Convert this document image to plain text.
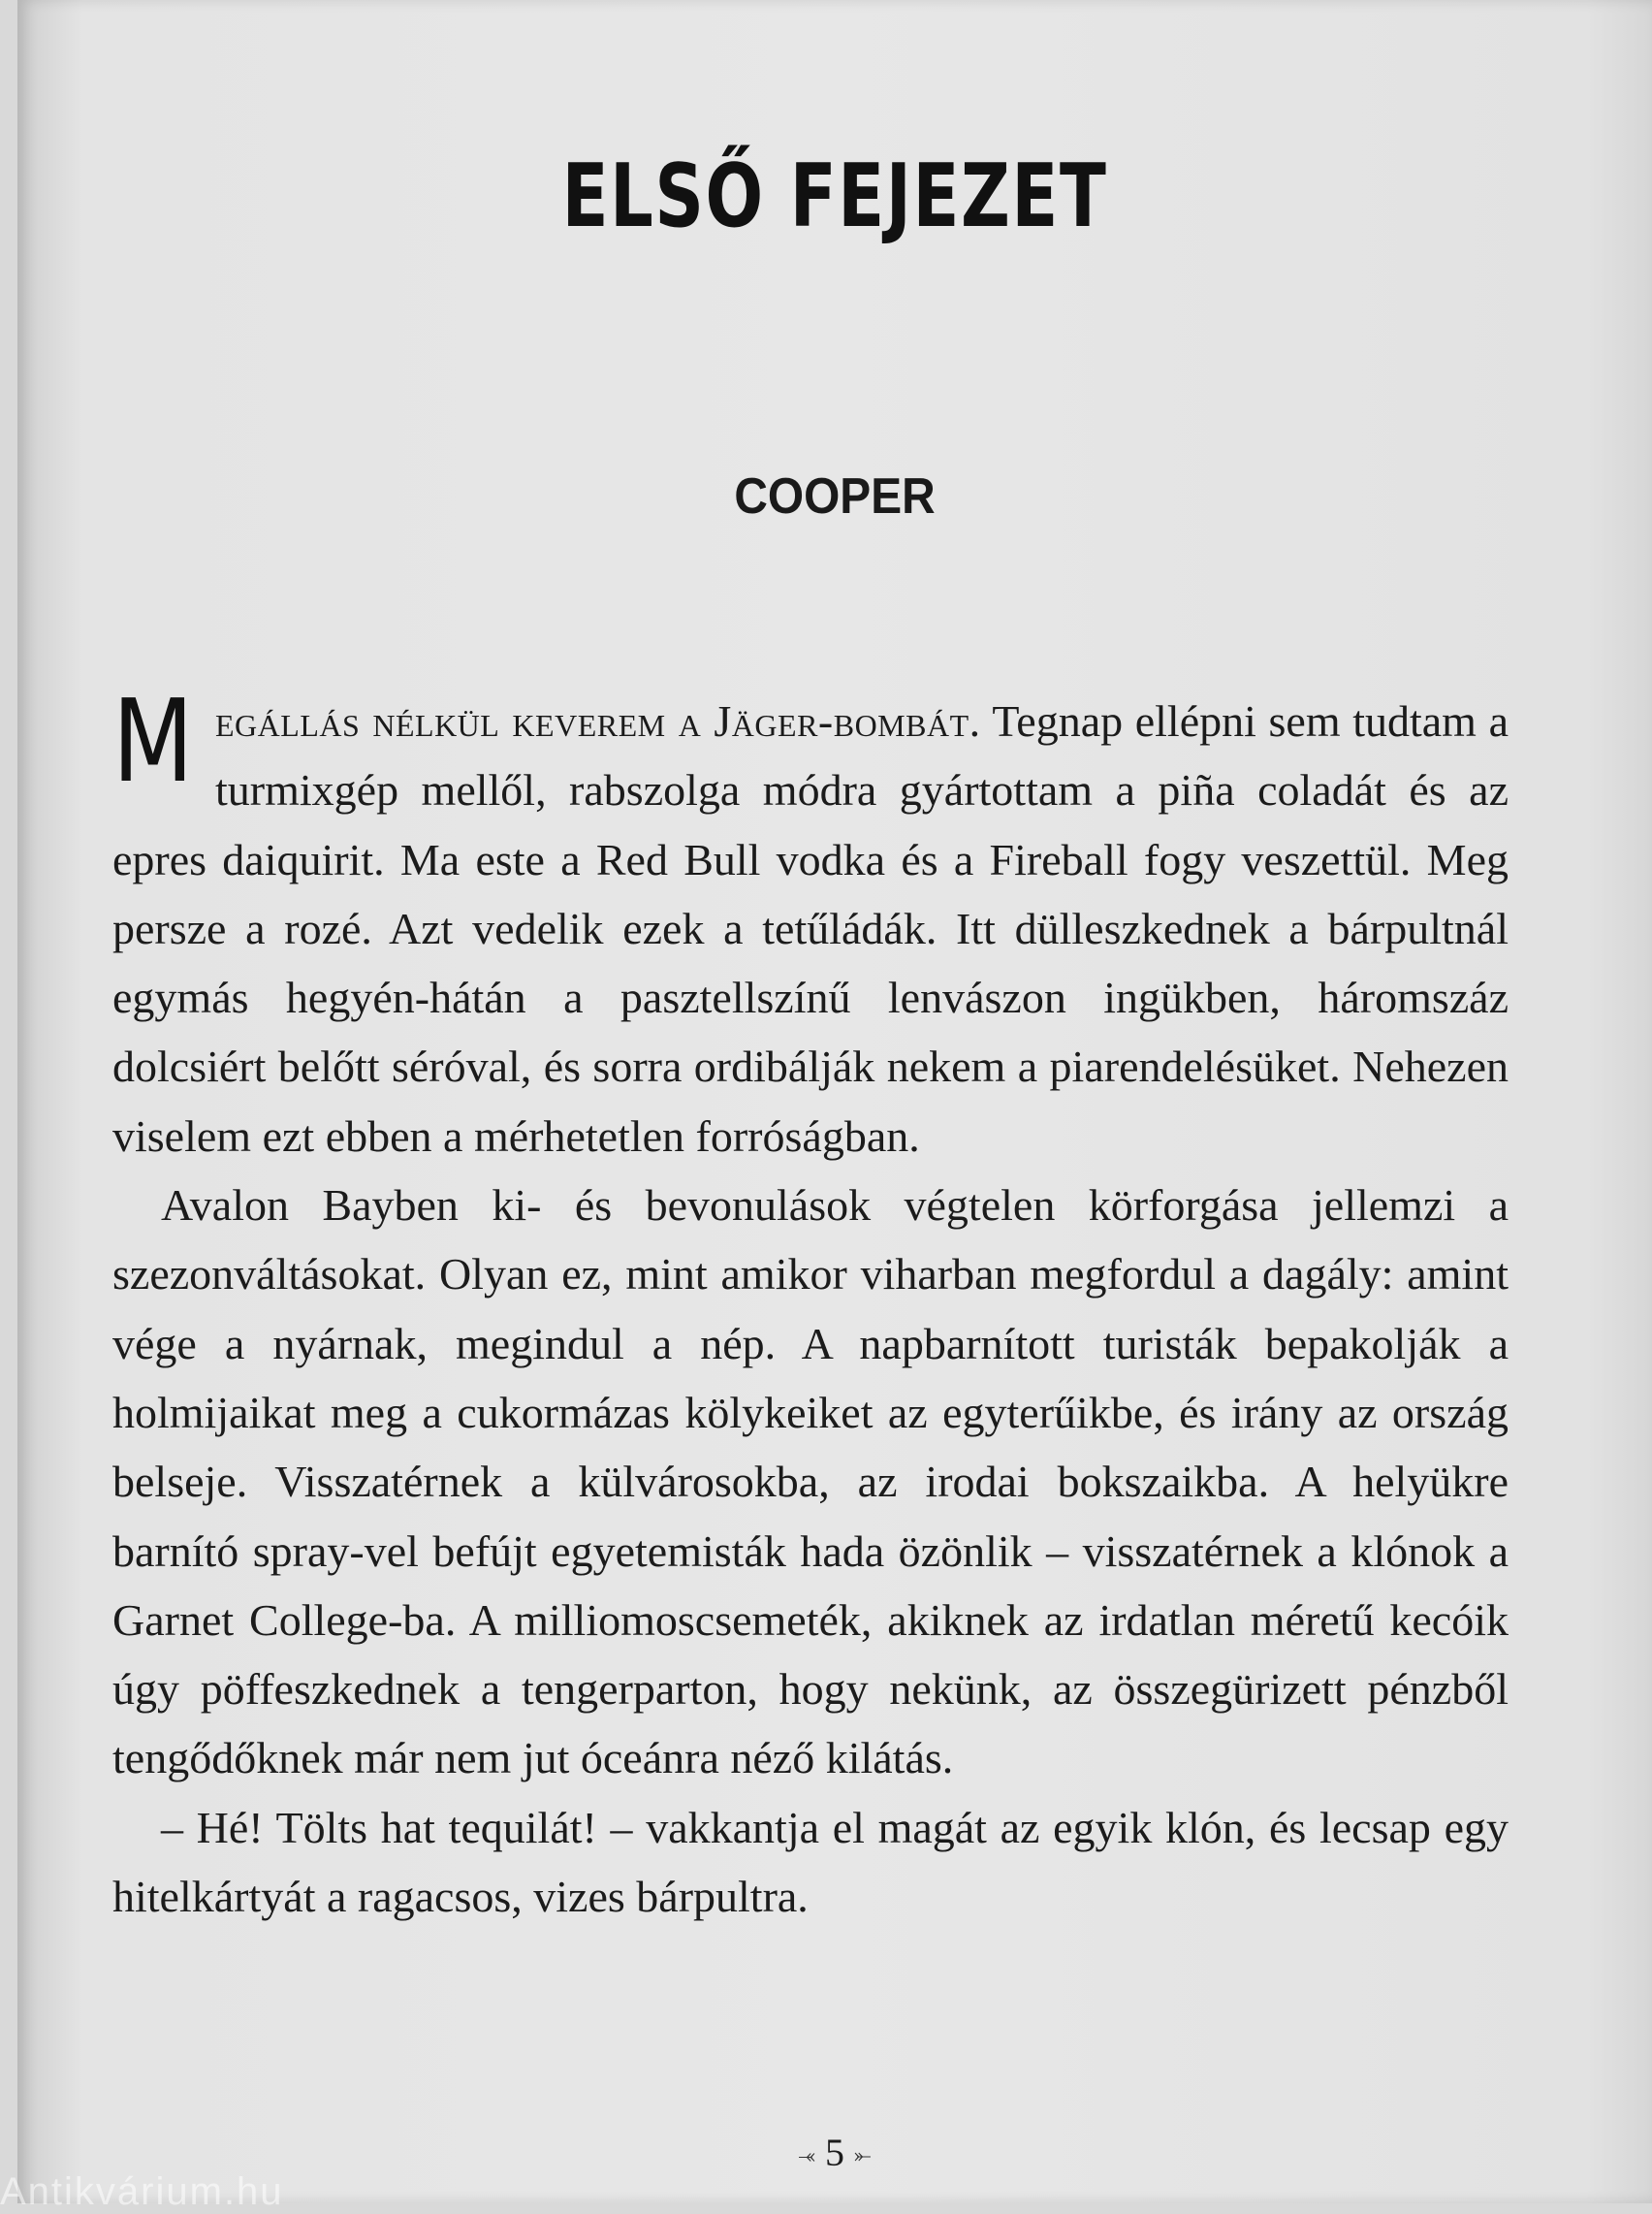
ELSŐ FEJEZET
COOPER

Megállás nélkül keverem a Jäger-bombát. Tegnap ellépni sem tudtam a turmixgép mellől, rabszolga módra gyártottam a piña coladát és az epres daiquirit. Ma este a Red Bull vodka és a Fireball fogy veszettül. Meg persze a rozé. Azt vedelik ezek a tetűládák. Itt dülleszkednek a bárpultnál egymás hegyén-hátán a pasztellszínű lenvászon ingükben, háromszáz dolcsiért belőtt séróval, és sorra ordibálják nekem a piarendelésüket. Nehezen viselem ezt ebben a mérhetetlen forróságban.

Avalon Bayben ki- és bevonulások végtelen körforgása jellemzi a szezonváltásokat. Olyan ez, mint amikor viharban megfordul a dagály: amint vége a nyárnak, megindul a nép. A napbarnított turisták bepakolják a holmijaikat meg a cukormázas kölykeiket az egyterűikbe, és irány az ország belseje. Visszatérnek a külvárosokba, az irodai bokszaikba. A helyükre barnító spray-vel befújt egyetemisták hada özönlik – visszatérnek a klónok a Garnet College-ba. A milliomoscsemeték, akiknek az irdatlan méretű kecóik úgy pöffeszkednek a tengerparton, hogy nekünk, az összegürizett pénzből tengődőknek már nem jut óceánra néző kilátás.

– Hé! Tölts hat tequilát! – vakkantja el magát az egyik klón, és lecsap egy hitelkártyát a ragacsos, vizes bárpultra.

⤛ 5 ⤜
Antikvárium.hu
